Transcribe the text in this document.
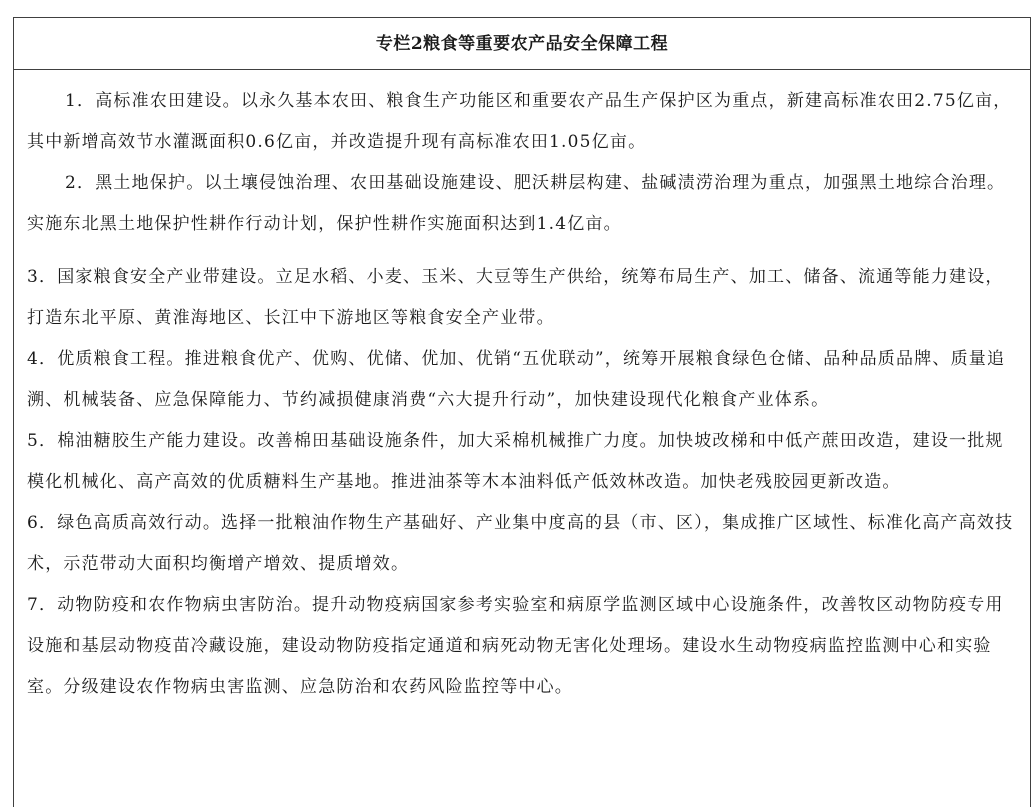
专栏2粮食等重要农产品安全保障工程

1．高标准农田建设。以永久基本农田、粮食生产功能区和重要农产品生产保护区为重点，新建高标准农田2.75亿亩，其中新增高效节水灌溉面积0.6亿亩，并改造提升现有高标准农田1.05亿亩。

2．黑土地保护。以土壤侵蚀治理、农田基础设施建设、肥沃耕层构建、盐碱渍涝治理为重点，加强黑土地综合治理。实施东北黑土地保护性耕作行动计划，保护性耕作实施面积达到1.4亿亩。

3．国家粮食安全产业带建设。立足水稻、小麦、玉米、大豆等生产供给，统筹布局生产、加工、储备、流通等能力建设，打造东北平原、黄淮海地区、长江中下游地区等粮食安全产业带。

4．优质粮食工程。推进粮食优产、优购、优储、优加、优销“五优联动”，统筹开展粮食绿色仓储、品种品质品牌、质量追溯、机械装备、应急保障能力、节约减损健康消费“六大提升行动”，加快建设现代化粮食产业体系。

5．棉油糖胶生产能力建设。改善棉田基础设施条件，加大采棉机械推广力度。加快坡改梯和中低产蔗田改造，建设一批规模化机械化、高产高效的优质糖料生产基地。推进油茶等木本油料低产低效林改造。加快老残胶园更新改造。

6．绿色高质高效行动。选择一批粮油作物生产基础好、产业集中度高的县（市、区），集成推广区域性、标准化高产高效技术，示范带动大面积均衡增产增效、提质增效。

7．动物防疫和农作物病虫害防治。提升动物疫病国家参考实验室和病原学监测区域中心设施条件，改善牧区动物防疫专用设施和基层动物疫苗冷藏设施，建设动物防疫指定通道和病死动物无害化处理场。建设水生动物疫病监控监测中心和实验室。分级建设农作物病虫害监测、应急防治和农药风险监控等中心。
